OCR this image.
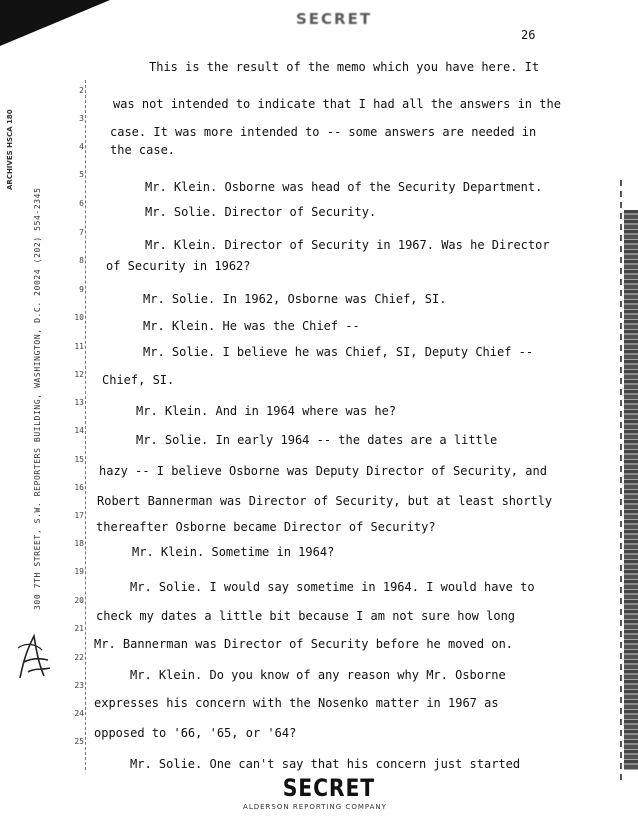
SECRET
26
300 7TH STREET, S.W. REPORTERS BUILDING, WASHINGTON, D.C. 20024 (202) 554-2345
ARCHIVES HSCA 180
2
3
4
5
6
7
8
9
10
11
12
13
14
15
16
17
18
19
20
21
22
23
24
25
This is the result of the memo which you have here. It
was not intended to indicate that I had all the answers in the
case. It was more intended to -- some answers are needed in
the case.
Mr. Klein. Osborne was head of the Security Department.
Mr. Solie. Director of Security.
Mr. Klein. Director of Security in 1967. Was he Director
of Security in 1962?
Mr. Solie. In 1962, Osborne was Chief, SI.
Mr. Klein. He was the Chief --
Mr. Solie. I believe he was Chief, SI, Deputy Chief --
Chief, SI.
Mr. Klein. And in 1964 where was he?
Mr. Solie. In early 1964 -- the dates are a little
hazy -- I believe Osborne was Deputy Director of Security, and
Robert Bannerman was Director of Security, but at least shortly
thereafter Osborne became Director of Security?
Mr. Klein. Sometime in 1964?
Mr. Solie. I would say sometime in 1964. I would have to
check my dates a little bit because I am not sure how long
Mr. Bannerman was Director of Security before he moved on.
Mr. Klein. Do you know of any reason why Mr. Osborne
expresses his concern with the Nosenko matter in 1967 as
opposed to '66, '65, or '64?
Mr. Solie. One can't say that his concern just started
SECRET
ALDERSON REPORTING COMPANY
